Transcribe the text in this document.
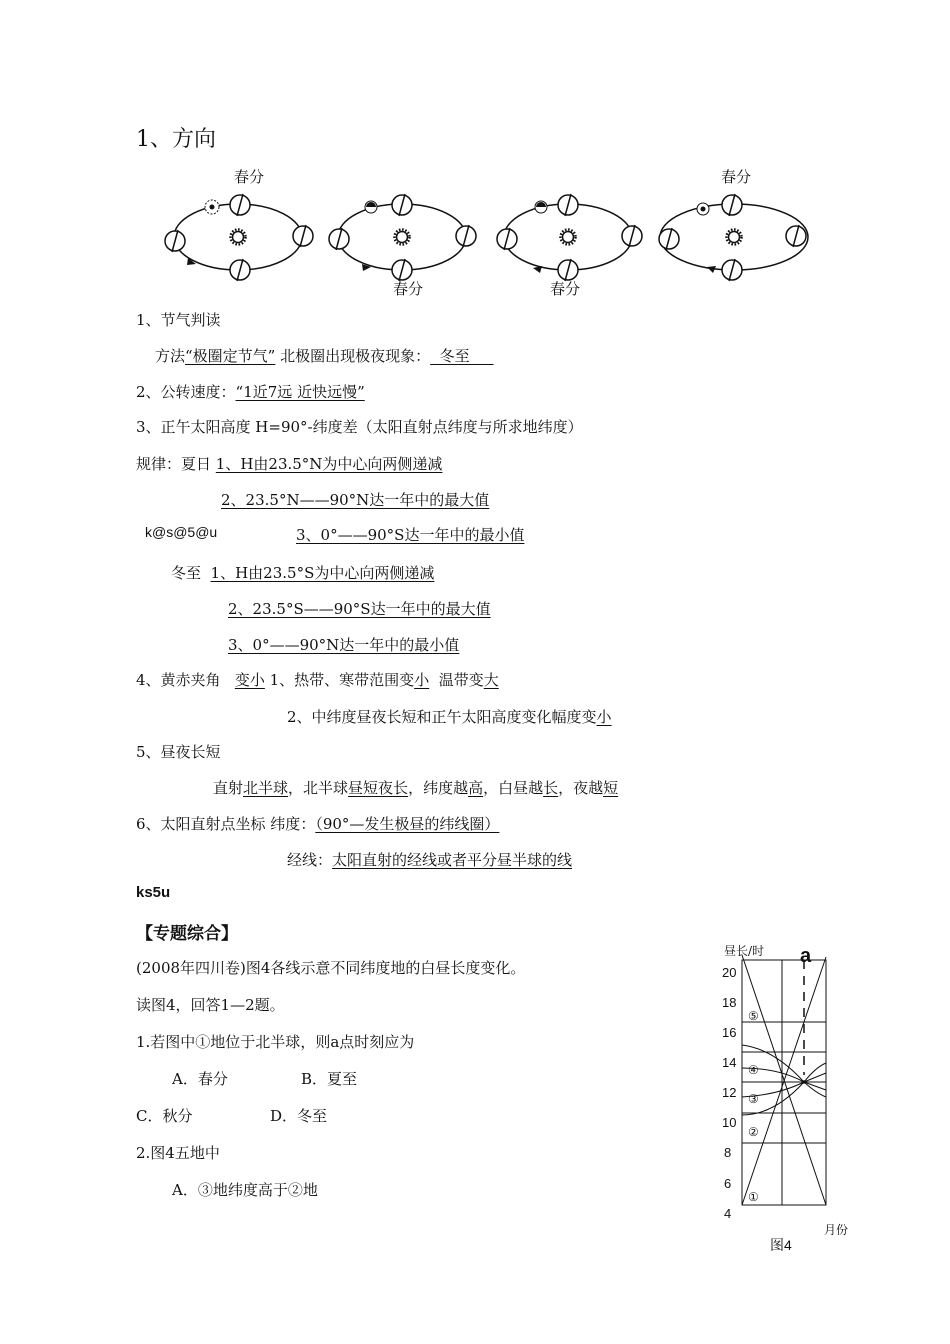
1、方向
春分	春分
春分	春分
1、节气判读
方法“极圈定节气” 北极圈出现极夜现象：  冬至
2、公转速度：“1近7远 近快远慢”
3、正午太阳高度 H=90°-纬度差（太阳直射点纬度与所求地纬度）
规律：夏日 1、H由23.5°N为中心向两侧递减
2、23.5°N——90°N达一年中的最大值
k@s@5@u	3、0°——90°S达一年中的最小值
冬至  1、H由23.5°S为中心向两侧递减
2、23.5°S——90°S达一年中的最大值
3、0°——90°N达一年中的最小值
4、黄赤夹角   变小 1、热带、寒带范围变小  温带变大
2、中纬度昼夜长短和正午太阳高度变化幅度变小
5、昼夜长短
直射北半球，北半球昼短夜长，纬度越高，白昼越长，夜越短
6、太阳直射点坐标 纬度：（90°—发生极昼的纬线圈）
经线：太阳直射的经线或者平分昼半球的线
ks5u
【专题综合】
(2008年四川卷)图4各线示意不同纬度地的白昼长度变化。
读图4，回答1—2题。
1.若图中①地位于北半球，则a点时刻应为
A．春分	B．夏至
C．秋分	D．冬至
2.图4五地中
A．③地纬度高于②地
昼长/时 a
20
18
16
14
12
10
8
6
4
⑤
④
③
②
①
月份
图4
